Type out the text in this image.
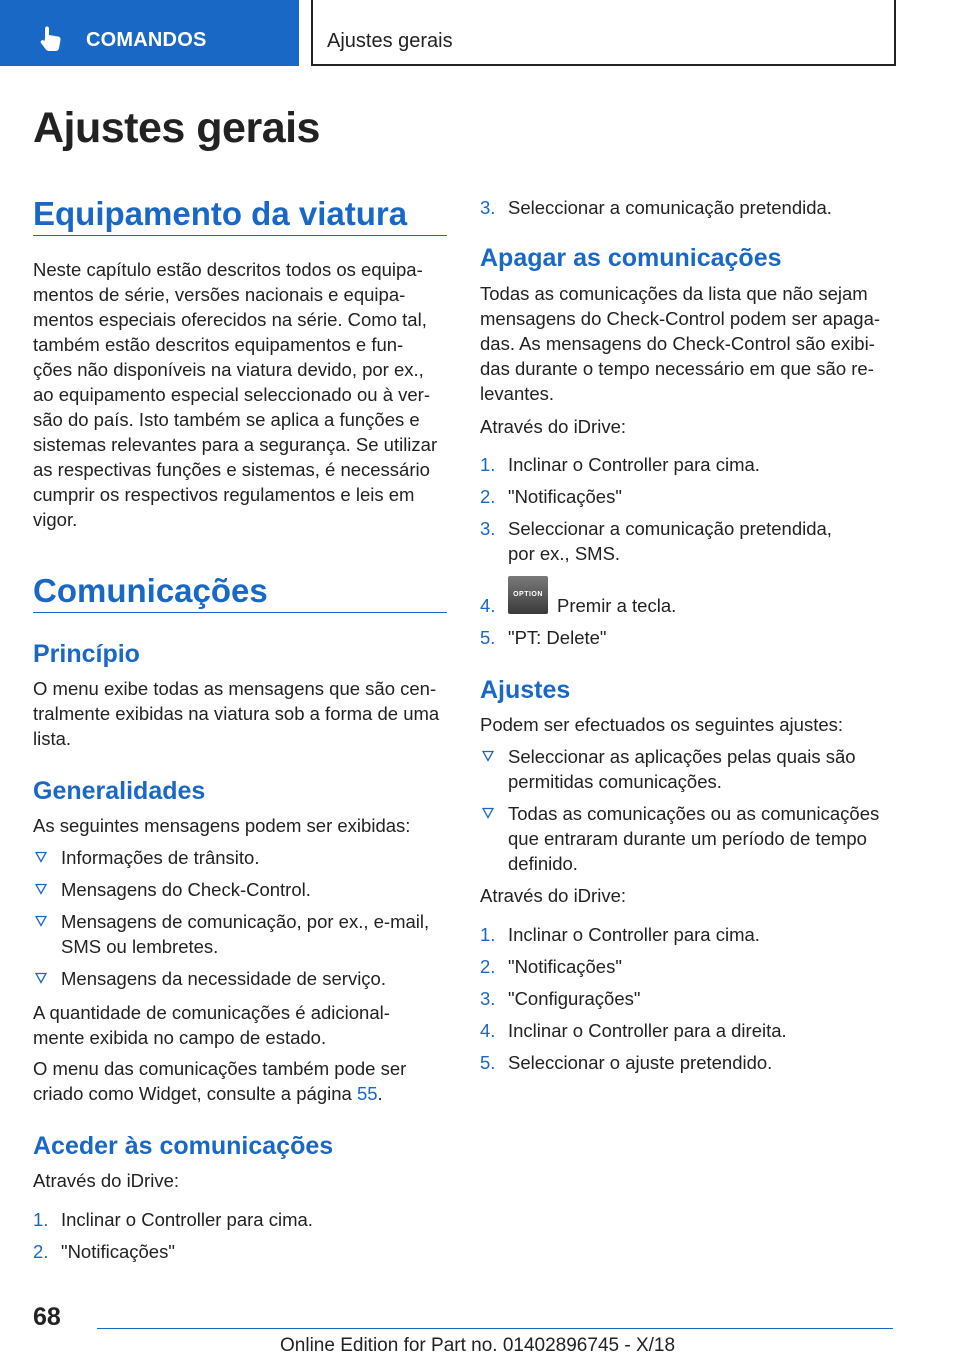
COMANDOS	Ajustes gerais
Ajustes gerais
Equipamento da viatura
Neste capítulo estão descritos todos os equipa-
mentos de série, versões nacionais e equipa-
mentos especiais oferecidos na série. Como tal,
também estão descritos equipamentos e fun-
ções não disponíveis na viatura devido, por ex.,
ao equipamento especial seleccionado ou à ver-
são do país. Isto também se aplica a funções e
sistemas relevantes para a segurança. Se utilizar
as respectivas funções e sistemas, é necessário
cumprir os respectivos regulamentos e leis em
vigor.
Comunicações
Princípio
O menu exibe todas as mensagens que são cen-
tralmente exibidas na viatura sob a forma de uma
lista.
Generalidades
As seguintes mensagens podem ser exibidas:
Informações de trânsito.
Mensagens do Check-Control.
Mensagens de comunicação, por ex., e-mail,
SMS ou lembretes.
Mensagens da necessidade de serviço.
A quantidade de comunicações é adicional-
mente exibida no campo de estado.
O menu das comunicações também pode ser
criado como Widget, consulte a página 55.
Aceder às comunicações
Através do iDrive:
1. Inclinar o Controller para cima.
2. "Notificações"
3. Seleccionar a comunicação pretendida.
Apagar as comunicações
Todas as comunicações da lista que não sejam
mensagens do Check-Control podem ser apaga-
das. As mensagens do Check-Control são exibi-
das durante o tempo necessário em que são re-
levantes.
Através do iDrive:
1. Inclinar o Controller para cima.
2. "Notificações"
3. Seleccionar a comunicação pretendida,
por ex., SMS.
4.	Premir a tecla.
5. "PT: Delete"
OPTION
Ajustes
Podem ser efectuados os seguintes ajustes:
Seleccionar as aplicações pelas quais são
permitidas comunicações.
Todas as comunicações ou as comunicações
que entraram durante um período de tempo
definido.
Através do iDrive:
1. Inclinar o Controller para cima.
2. "Notificações"
3. "Configurações"
4. Inclinar o Controller para a direita.
5. Seleccionar o ajuste pretendido.
68
Online Edition for Part no. 01402896745 - X/18
